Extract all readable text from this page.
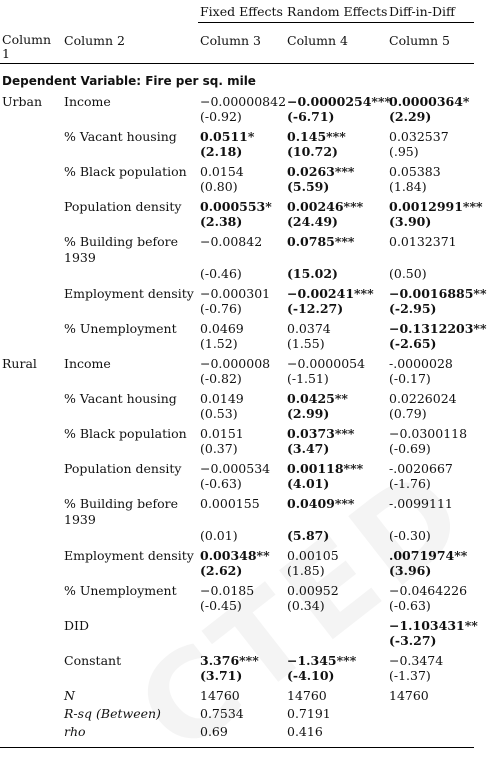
		Fixed Effects	Random Effects	Diff-in-Diff
Column 1	Column 2	Column 3	Column 4	Column 5
Dependent Variable: Fire per sq. mile				
Urban	Income	−0.00000842	−0.0000254***	0.0000364*
		(-0.92)	(-6.71)	(2.29)
	% Vacant housing	0.0511*	0.145***	0.032537
		(2.18)	(10.72)	(.95)
	% Black population	0.0154	0.0263***	0.05383
		(0.80)	(5.59)	(1.84)
	Population density	0.000553*	0.00246***	0.0012991***
		(2.38)	(24.49)	(3.90)
	% Building before 1939	−0.00842	0.0785***	0.0132371
		(-0.46)	(15.02)	(0.50)
	Employment density	−0.000301	−0.00241***	−0.0016885**
		(-0.76)	(-12.27)	(-2.95)
	% Unemployment	0.0469	0.0374	−0.1312203**
		(1.52)	(1.55)	(-2.65)
Rural	Income	−0.000008	−0.0000054	-.0000028
		(-0.82)	(-1.51)	(-0.17)
	% Vacant housing	0.0149	0.0425**	0.0226024
		(0.53)	(2.99)	(0.79)
	% Black population	0.0151	0.0373***	−0.0300118
		(0.37)	(3.47)	(-0.69)
	Population density	−0.000534	0.00118***	-.0020667
		(-0.63)	(4.01)	(-1.76)
	% Building before 1939	0.000155	0.0409***	-.0099111
		(0.01)	(5.87)	(-0.30)
	Employment density	0.00348**	0.00105	.0071974**
		(2.62)	(1.85)	(3.96)
	% Unemployment	−0.0185	0.00952	−0.0464226
		(-0.45)	(0.34)	(-0.63)
	DID			−1.103431**
				(-3.27)
	Constant	3.376***	−1.345***	−0.3474
		(3.71)	(-4.10)	(-1.37)
	N	14760	14760	14760
	R-sq (Between)	0.7534	0.7191	
	rho	0.69	0.416	
